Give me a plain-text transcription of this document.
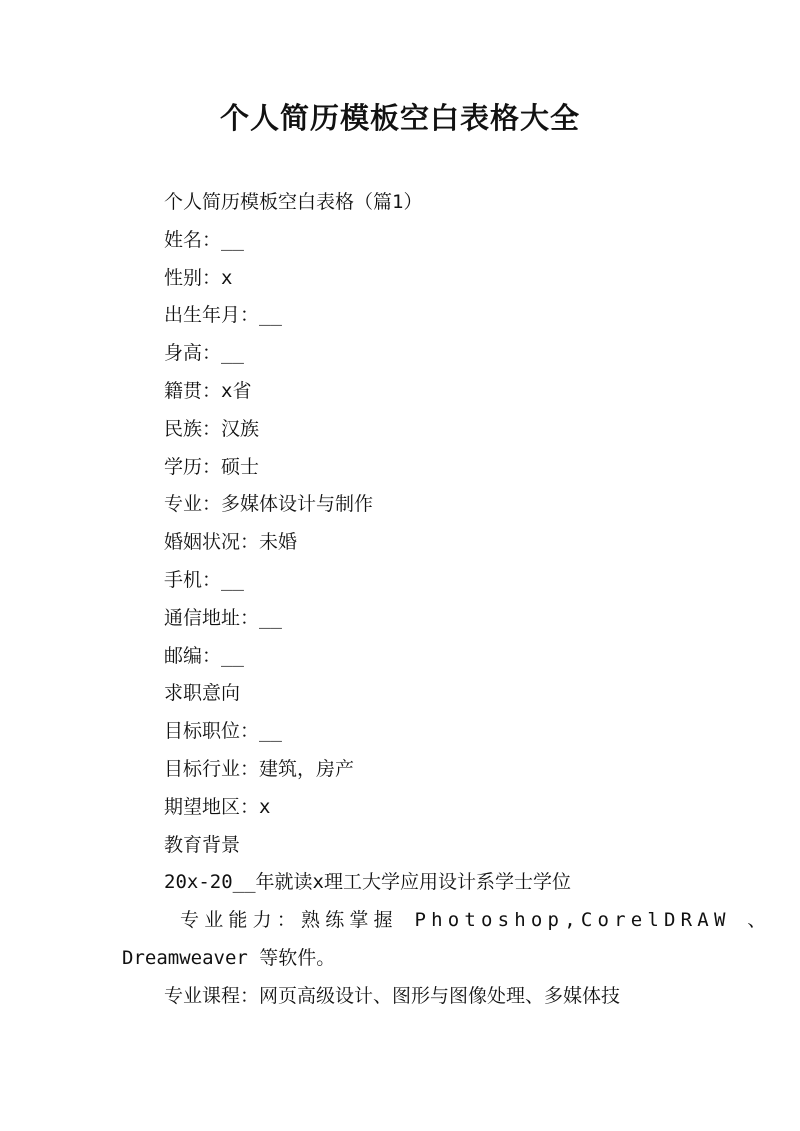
个人简历模板空白表格大全
个人简历模板空白表格（篇1）
姓名：__
性别：x
出生年月：__
身高：__
籍贯：x省
民族：汉族
学历：硕士
专业：多媒体设计与制作
婚姻状况：未婚
手机：__
通信地址：__
邮编：__
求职意向
目标职位：__
目标行业：建筑，房产
期望地区：x
教育背景
20x-20__年就读x理工大学应用设计系学士学位
专业能力：熟练掌握 Photoshop,CorelDRAW 、
Dreamweaver 等软件。
专业课程：网页高级设计、图形与图像处理、多媒体技
